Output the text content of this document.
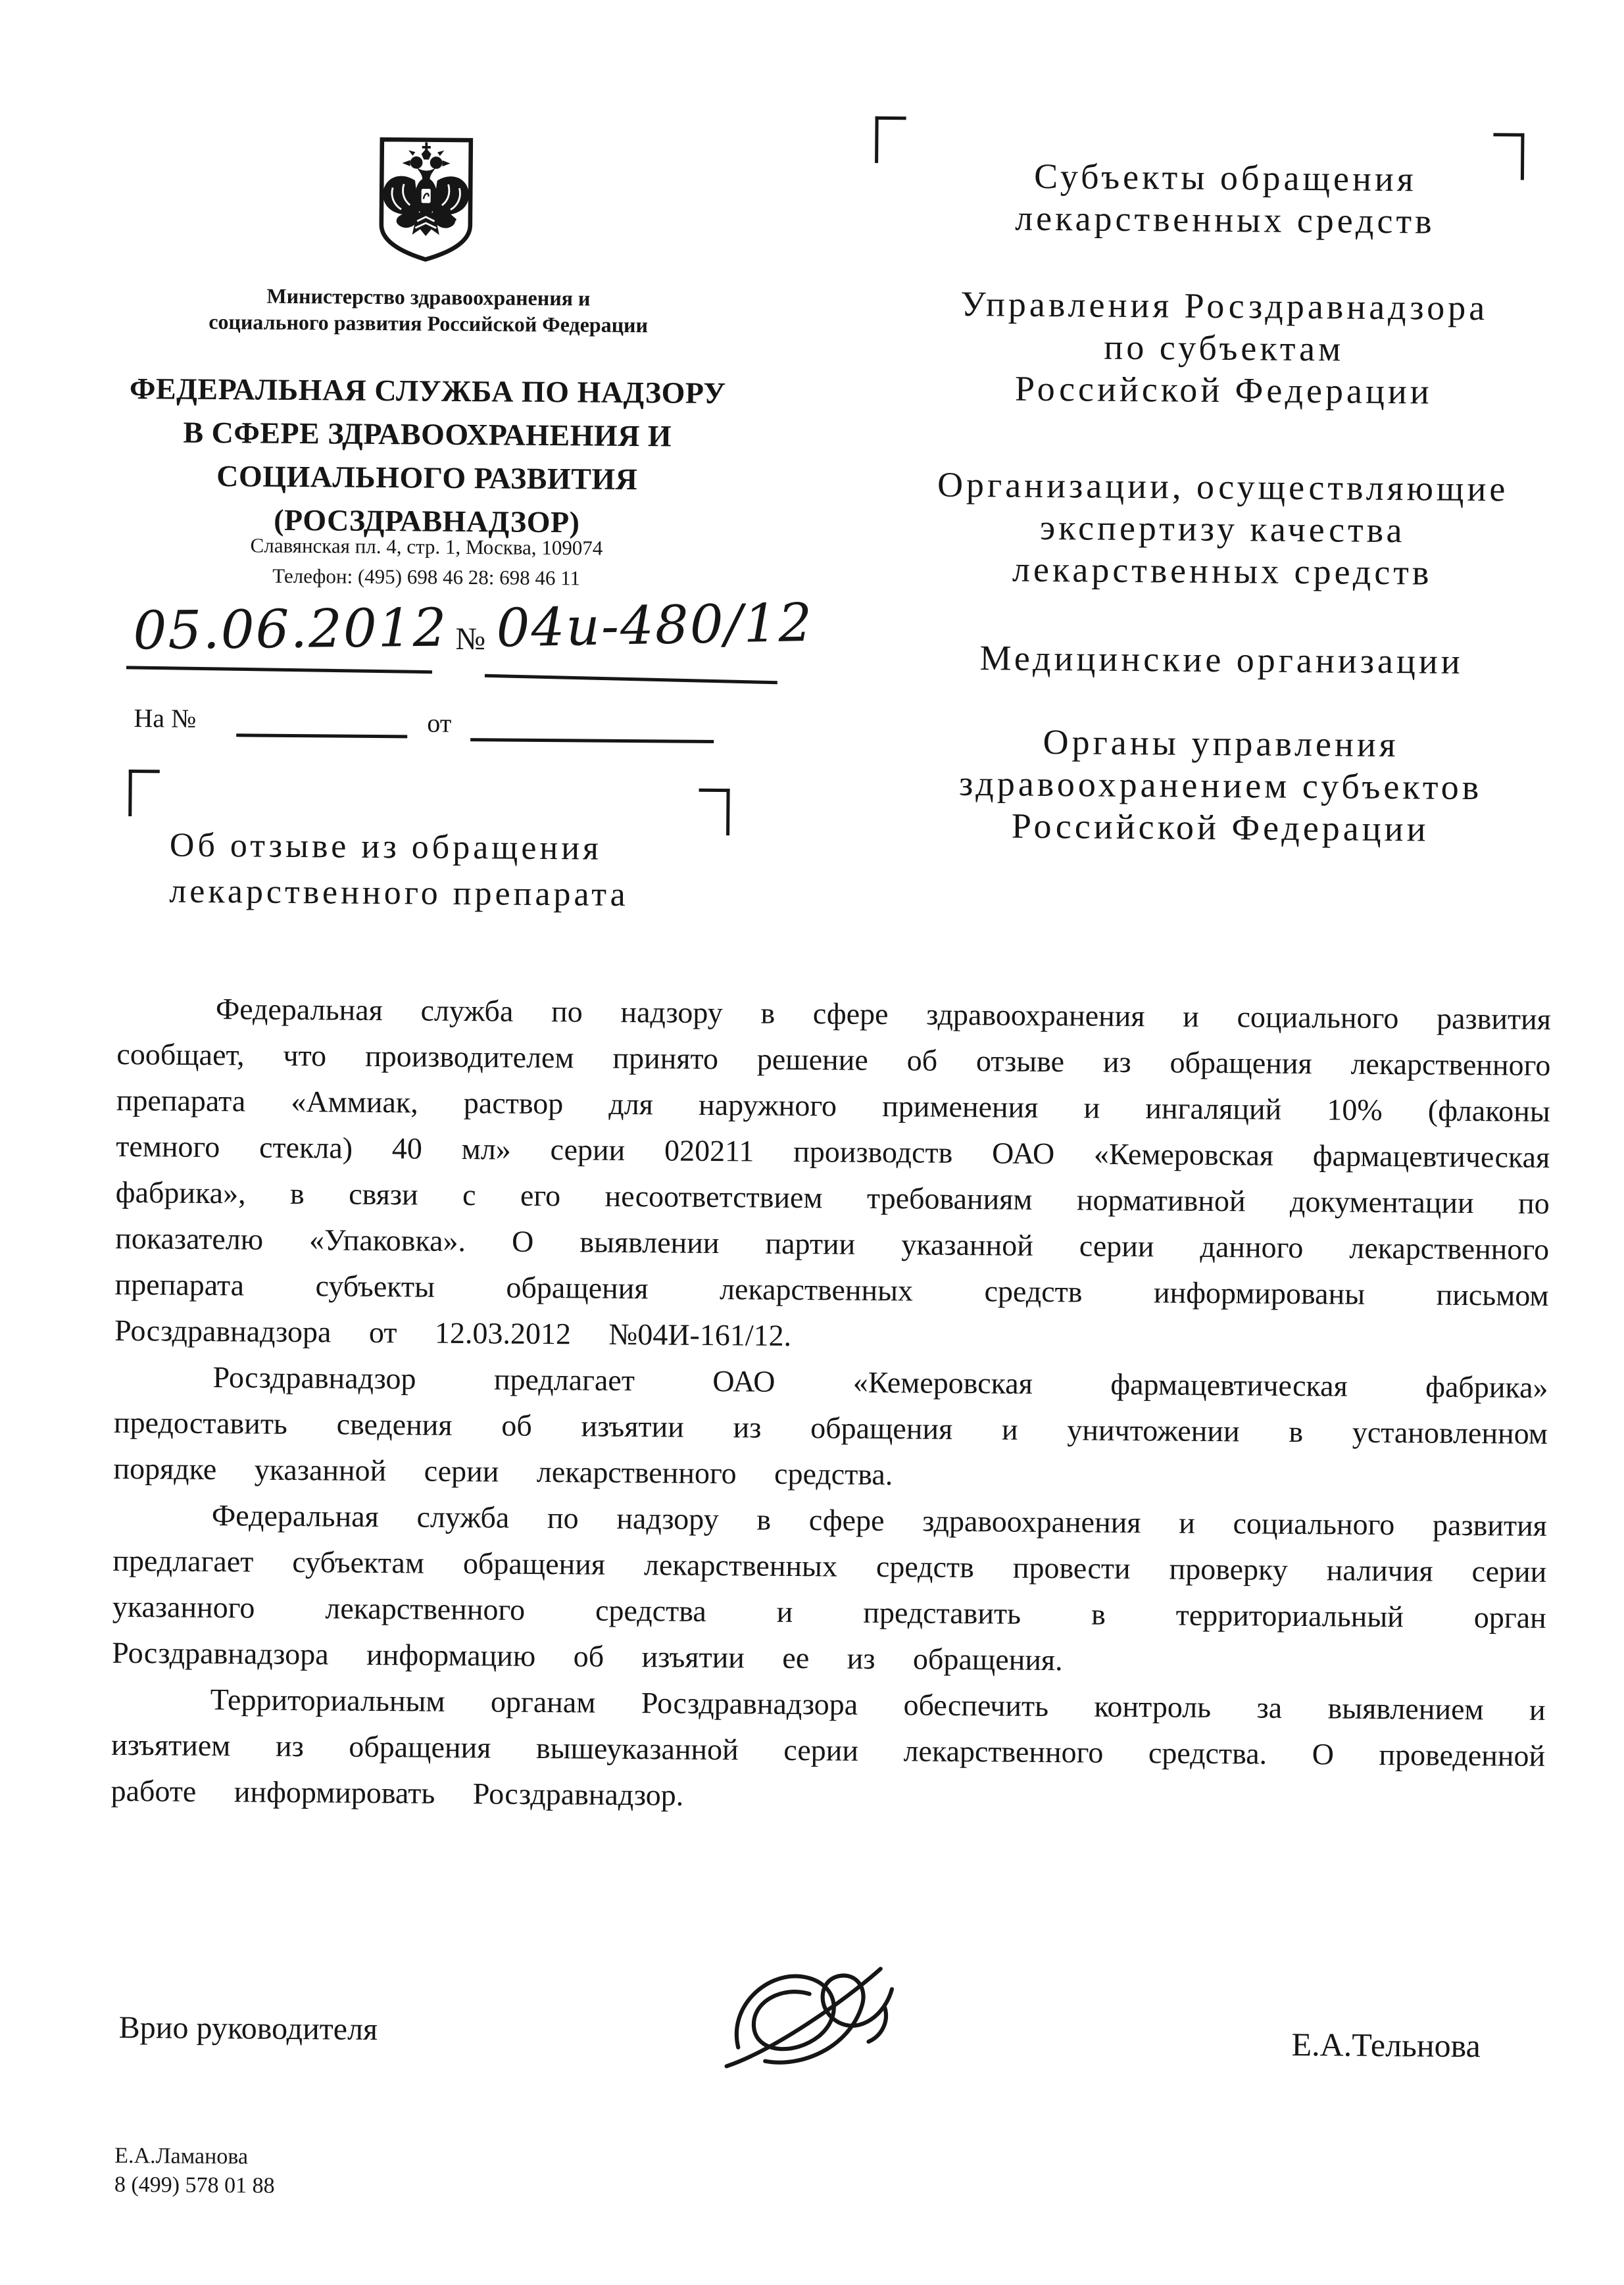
Министерство здравоохранения и
социального развития Российской Федерации
ФЕДЕРАЛЬНАЯ СЛУЖБА ПО НАДЗОРУ
В СФЕРЕ ЗДРАВООХРАНЕНИЯ И
СОЦИАЛЬНОГО РАЗВИТИЯ
(РОСЗДРАВНАДЗОР)
Славянская пл. 4, стр. 1, Москва, 109074
Телефон: (495) 698 46 28: 698 46 11
05.06.2012 № 04и-480/12
На №	от
Об отзыве из обращения
лекарственного препарата
Субъекты обращения
лекарственных средств
Управления Росздравнадзора
по субъектам
Российской Федерации
Организации, осуществляющие
экспертизу качества
лекарственных средств
Медицинские организации
Органы управления
здравоохранением субъектов
Российской Федерации

Федеральная служба по надзору в сфере здравоохранения и социального развития сообщает, что производителем принято решение об отзыве из обращения лекарственного препарата «Аммиак, раствор для наружного применения и ингаляций 10% (флаконы темного стекла) 40 мл» серии 020211 производств ОАО «Кемеровская фармацевтическая фабрика», в связи с его несоответствием требованиям нормативной документации по показателю «Упаковка». О выявлении партии указанной серии данного лекарственного препарата субъекты обращения лекарственных средств информированы письмом Росздравнадзора от 12.03.2012 №04И-161/12.

Росздравнадзор предлагает ОАО «Кемеровская фармацевтическая фабрика» предоставить сведения об изъятии из обращения и уничтожении в установленном порядке указанной серии лекарственного средства.

Федеральная служба по надзору в сфере здравоохранения и социального развития предлагает субъектам обращения лекарственных средств провести проверку наличия серии указанного лекарственного средства и представить в территориальный орган Росздравнадзора информацию об изъятии ее из обращения.

Территориальным органам Росздравнадзора обеспечить контроль за выявлением и изъятием из обращения вышеуказанной серии лекарственного средства. О проведенной работе информировать Росздравнадзор.

Врио руководителя	Е.А.Тельнова
Е.А.Ламанова
8 (499) 578 01 88
